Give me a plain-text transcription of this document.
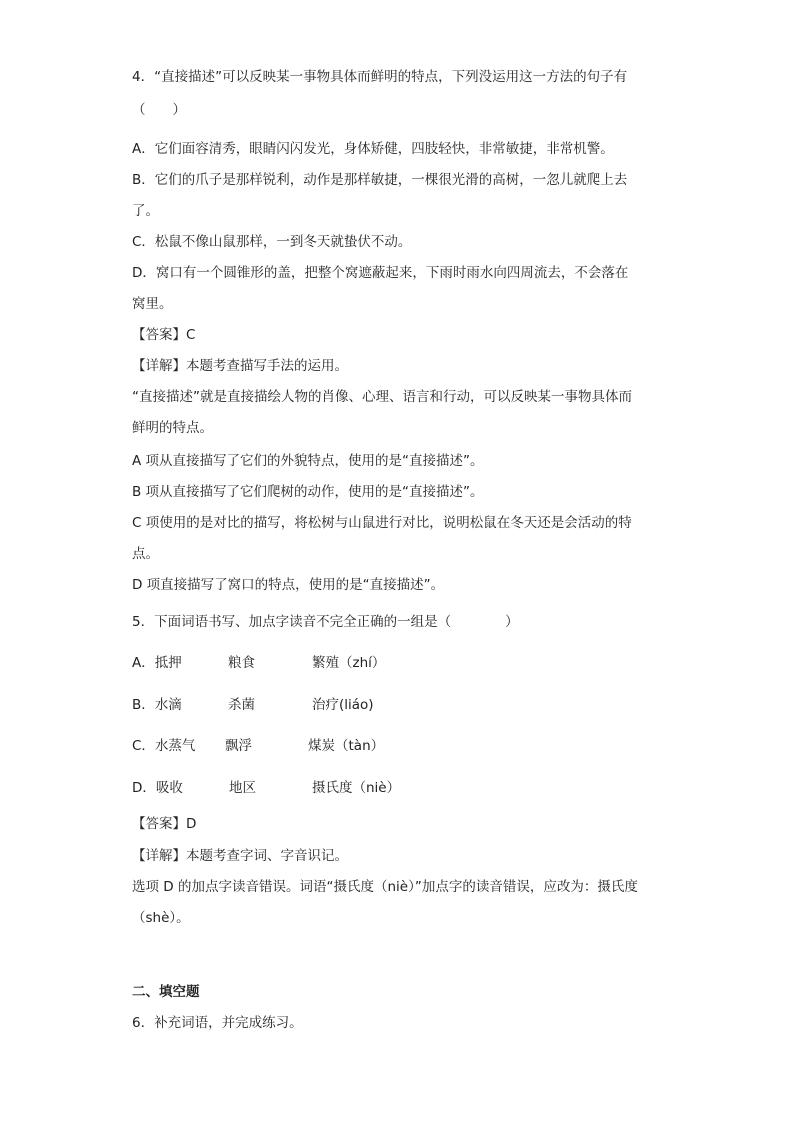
4．“直接描述”可以反映某一事物具体而鲜明的特点，下列没运用这一方法的句子有
（　　）
A．它们面容清秀，眼睛闪闪发光，身体矫健，四肢轻快，非常敏捷，非常机警。
B．它们的爪子是那样锐利，动作是那样敏捷，一棵很光滑的高树，一忽儿就爬上去
了。
C．松鼠不像山鼠那样，一到冬天就蛰伏不动。
D．窝口有一个圆锥形的盖，把整个窝遮蔽起来，下雨时雨水向四周流去，不会落在
窝里。
【答案】C
【详解】本题考查描写手法的运用。
“直接描述”就是直接描绘人物的肖像、心理、语言和行动，可以反映某一事物具体而
鲜明的特点。
A 项从直接描写了它们的外貌特点，使用的是“直接描述”。
B 项从直接描写了它们爬树的动作，使用的是“直接描述”。
C 项使用的是对比的描写，将松树与山鼠进行对比，说明松鼠在冬天还是会活动的特
点。
D 项直接描写了窝口的特点，使用的是“直接描述”。
5．下面词语书写、加点字读音不完全正确的一组是（　　　　）
A．抵押	粮食	繁殖（zhí）
B．水滴	杀菌	治疗(liáo)
C．水蒸气 飘浮	煤炭（tàn）
D．吸收	地区	摄氏度（niè）
【答案】D
【详解】本题考查字词、字音识记。
选项 D 的加点字读音错误。词语“摄氏度（niè）”加点字的读音错误，应改为：摄氏度
（shè）。
二、填空题
6．补充词语，并完成练习。
